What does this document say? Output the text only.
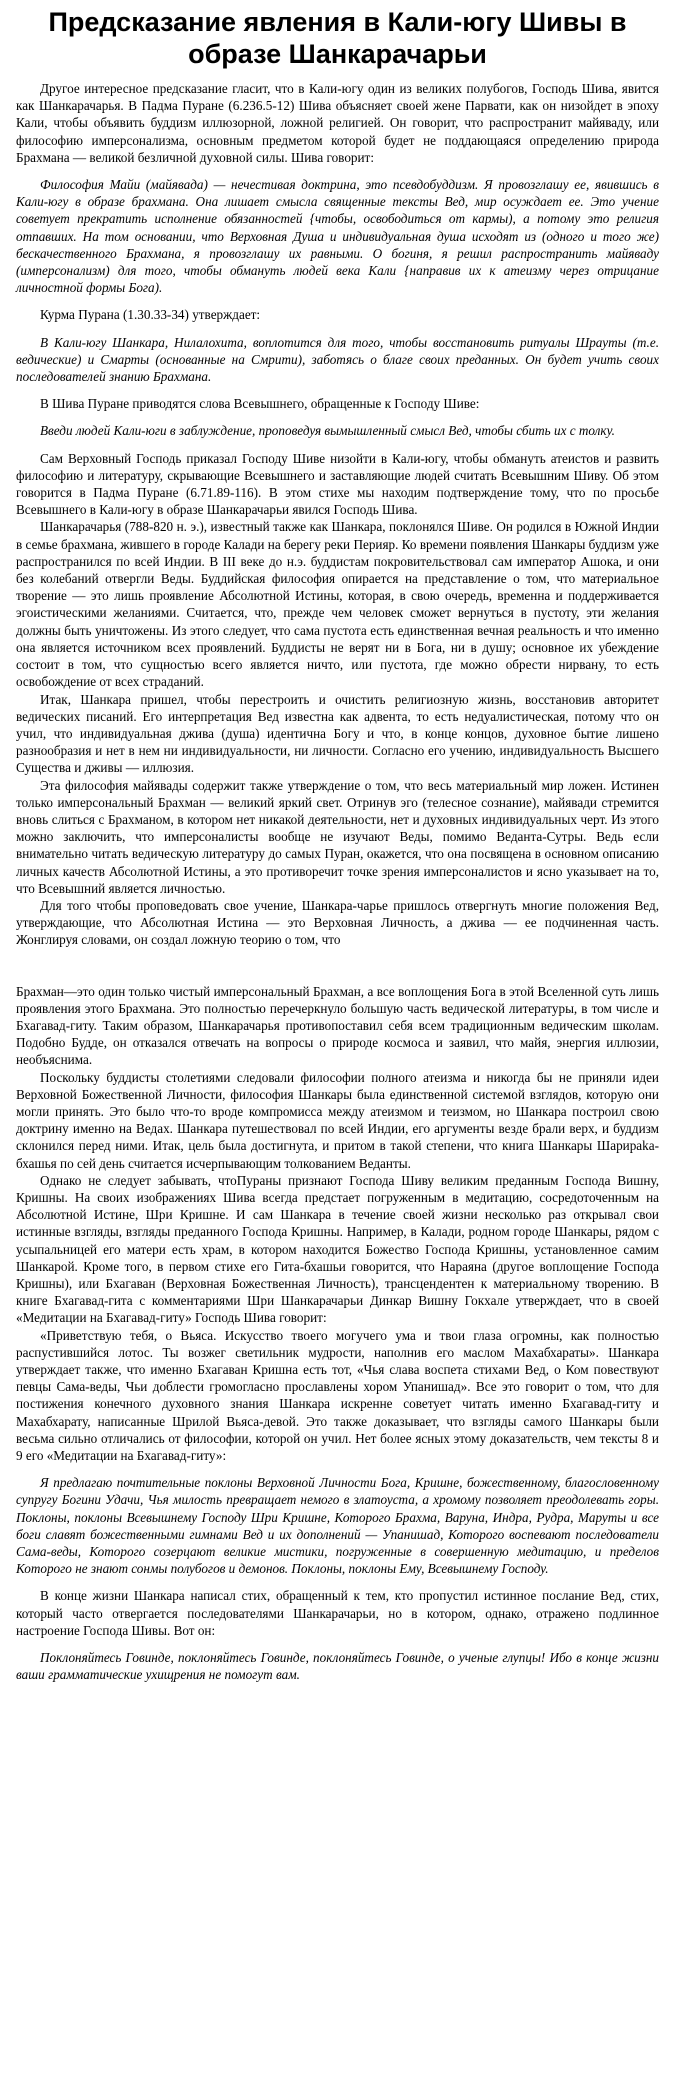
Предсказание явления в Кали-югу Шивы в образе Шанкарачарьи

Другое интересное предсказание гласит, что в Кали-югу один из великих полубогов, Господь Шива, явится как Шанкарачарья. В Падма Пуране (6.236.5-12) Шива объясняет своей жене Парвати, как он низойдет в эпоху Кали, чтобы объявить буддизм иллюзорной, ложной религией. Он говорит, что распространит майяваду, или философию имперсонализма, основным предметом которой будет не поддающаяся определению природа Брахмана — великой безличной духовной силы. Шива говорит:

Философия Майи (майявада) — нечестивая доктрина, это псевдобуддизм. Я провозглашу ее, явившись в Кали-югу в образе брахмана. Она лишает смысла священные тексты Вед, мир осуждает ее. Это учение советует прекратить исполнение обязанностей {чтобы, освободиться от кармы), а потому это религия отпавших. На том основании, что Верховная Душа и индивидуальная душа исходят из (одного и того же) бескачественного Брахмана, я провозглашу их равными. О богиня, я решил распространить майяваду (имперсонализм) для того, чтобы обмануть людей века Кали {направив их к атеизму через отрицание личностной формы Бога).

Курма Пурана (1.30.33-34) утверждает:

В Кали-югу Шанкара, Нилалохита, воплотится для того, чтобы восстановить ритуалы Шрауты (т.е. ведические) и Смарты (основанные на Смрити), заботясь о благе своих преданных. Он будет учить своих последователей знанию Брахмана.

В Шива Пуране приводятся слова Всевышнего, обращенные к Господу Шиве:

Введи людей Кали-юги в заблуждение, проповедуя вымышленный смысл Вед, чтобы сбить их с толку.

Сам Верховный Господь приказал Господу Шиве низойти в Кали-югу, чтобы обмануть атеистов и развить философию и литературу, скрывающие Всевышнего и заставляющие людей считать Всевышним Шиву. Об этом говорится в Падма Пуране (6.71.89-116). В этом стихе мы находим подтверждение тому, что по просьбе Всевышнего в Кали-югу в образе Шанкарачарьи явился Господь Шива.

Шанкарачарья (788-820 н. э.), известный также как Шанкара, поклонялся Шиве. Он родился в Южной Индии в семье брахмана, жившего в городе Калади на берегу реки Перияр. Ко времени появления Шанкары буддизм уже распространился по всей Индии. В III веке до н.э. буддистам покровительствовал сам император Ашока, и они без колебаний отвергли Веды. Буддийская философия опирается на представление о том, что материальное творение — это лишь проявление Абсолютной Истины, которая, в свою очередь, временна и поддерживается эгоистическими желаниями. Считается, что, прежде чем человек сможет вернуться в пустоту, эти желания должны быть уничтожены. Из этого следует, что сама пустота есть единственная вечная реальность и что именно она является источником всех проявлений. Буддисты не верят ни в Бога, ни в душу; основное их убеждение состоит в том, что сущностью всего является ничто, или пустота, где можно обрести нирвану, то есть освобождение от всех страданий.

Итак, Шанкара пришел, чтобы перестроить и очистить религиозную жизнь, восстановив авторитет ведических писаний. Его интерпретация Вед известна как адвента, то есть недуалистическая, потому что он учил, что индивидуальная джива (душа) идентична Богу и что, в конце концов, духовное бытие лишено разнообразия и нет в нем ни индивидуальности, ни личности. Согласно его учению, индивидуальность Высшего Существа и дживы — иллюзия.

Эта философия майявады содержит также утверждение о том, что весь материальный мир ложен. Истинен только имперсональный Брахман — великий яркий свет. Отринув эго (телесное сознание), майявади стремится вновь слиться с Брахманом, в котором нет никакой деятельности, нет и духовных индивидуальных черт. Из этого можно заключить, что имперсоналисты вообще не изучают Веды, помимо Веданта-Сутры. Ведь если внимательно читать ведическую литературу до самых Пуран, окажется, что она посвящена в основном описанию личных качеств Абсолютной Истины, а это противоречит точке зрения имперсоналистов и ясно указывает на то, что Всевышний является личностью.

Для того чтобы проповедовать свое учение, Шанкара-чарье пришлось отвергнуть многие положения Вед, утверждающие, что Абсолютная Истина — это Верховная Личность, а джива — ее подчиненная часть. Жонглируя словами, он создал ложную теорию о том, что

Брахман—это один только чистый имперсональный Брахман, а все воплощения Бога в этой Вселенной суть лишь проявления этого Брахмана. Это полностью перечеркнуло большую часть ведической литературы, в том числе и Бхагавад-гиту. Таким образом, Шанкарачарья противопоставил себя всем традиционным ведическим школам. Подобно Будде, он отказался отвечать на вопросы о природе космоса и заявил, что майя, энергия иллюзии, необъяснима.

Поскольку буддисты столетиями следовали философии полного атеизма и никогда бы не приняли идеи Верховной Божественной Личности, философия Шанкары была единственной системой взглядов, которую они могли принять. Это было что-то вроде компромисса между атеизмом и теизмом, но Шанкара построил свою доктрину именно на Ведах. Шанкара путешествовал по всей Индии, его аргументы везде брали верх, и буддизм склонился перед ними. Итак, цель была достигнута, и притом в такой степени, что книга Шанкары Шарираka-бхашья по сей день считается исчерпывающим толкованием Веданты.

Однако не следует забывать, чтоПураны признают Господа Шиву великим преданным Господа Вишну, Кришны. На своих изображениях Шива всегда предстает погруженным в медитацию, сосредоточенным на Абсолютной Истине, Шри Кришне. И сам Шанкара в течение своей жизни несколько раз открывал свои истинные взгляды, взгляды преданного Господа Кришны. Например, в Калади, родном городе Шанкары, рядом с усыпальницей его матери есть храм, в котором находится Божество Господа Кришны, установленное самим Шанкарой. Кроме того, в первом стихе его Гита-бхашьи говорится, что Нараяна (другое воплощение Господа Кришны), или Бхагаван (Верховная Божественная Личность), трансцендентен к материальному творению. В книге Бхагавад-гита с комментариями Шри Шанкарачарьи Динкар Вишну Гокхале утверждает, что в своей «Медитации на Бхагавад-гиту» Господь Шива говорит:

«Приветствую тебя, о Вьяса. Искусство твоего могучего ума и твои глаза огромны, как полностью распустившийся лотос. Ты возжег светильник мудрости, наполнив его маслом Махабхараты». Шанкара утверждает также, что именно Бхагаван Кришна есть тот, «Чья слава воспета стихами Вед, о Ком повествуют певцы Сама-веды, Чьи доблести громогласно прославлены хором Упанишад». Все это говорит о том, что для постижения конечного духовного знания Шанкара искренне советует читать именно Бхагавад-гиту и Махабхарату, написанные Шрилой Вьяса-девой. Это также доказывает, что взгляды самого Шанкары были весьма сильно отличались от философии, которой он учил. Нет более ясных этому доказательств, чем тексты 8 и 9 его «Медитации на Бхагавад-гиту»:

Я предлагаю почтительные поклоны Верховной Личности Бога, Кришне, божественному, благословенному супругу Богини Удачи, Чья милость превращает немого в златоуста, а хромому позволяет преодолевать горы. Поклоны, поклоны Всевышнему Господу Шри Кришне, Которого Брахма, Варуна, Индра, Рудра, Маруты и все боги славят божественными гимнами Вед и их дополнений — Упанишад, Которого воспевают последователи Сама-веды, Которого созерцают великие мистики, погруженные в совершенную медитацию, и пределов Которого не знают сонмы полубогов и демонов. Поклоны, поклоны Ему, Всевышнему Господу.

В конце жизни Шанкара написал стих, обращенный к тем, кто пропустил истинное послание Вед, стих, который часто отвергается последователями Шанкарачарьи, но в котором, однако, отражено подлинное настроение Господа Шивы. Вот он:

Поклоняйтесь Говинде, поклоняйтесь Говинде, поклоняйтесь Говинде, о ученые глупцы! Ибо в конце жизни ваши грамматические ухищрения не помогут вам.
